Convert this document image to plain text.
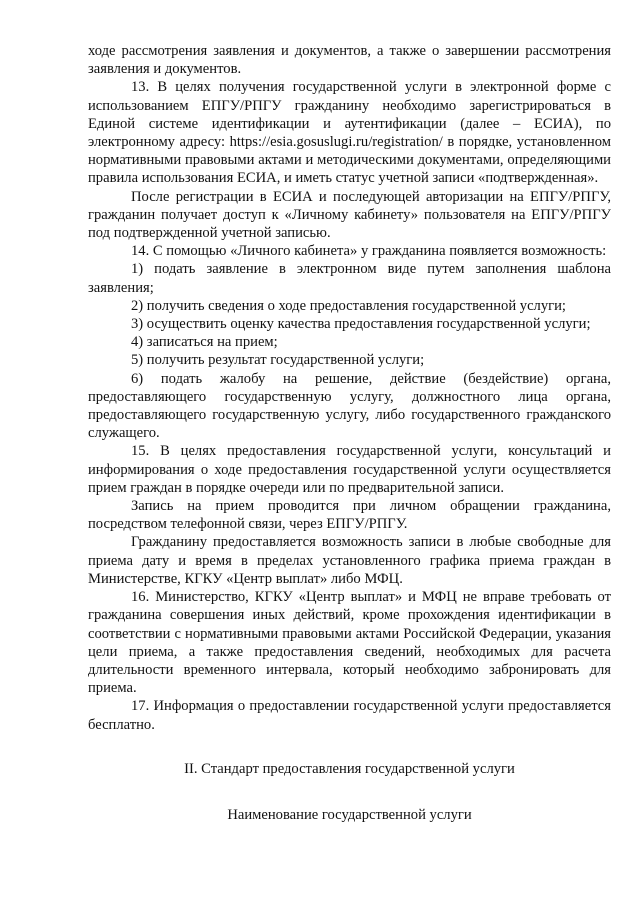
ходе рассмотрения заявления и документов, а также о завершении рассмотрения заявления и документов.

13. В целях получения государственной услуги в электронной форме с использованием ЕПГУ/РПГУ гражданину необходимо зарегистрироваться в Единой системе идентификации и аутентификации (далее – ЕСИА), по электронному адресу: https://esia.gosuslugi.ru/registration/ в порядке, установленном нормативными правовыми актами и методическими документами, определяющими правила использования ЕСИА, и иметь статус учетной записи «подтвержденная».

После регистрации в ЕСИА и последующей авторизации на ЕПГУ/РПГУ, гражданин получает доступ к «Личному кабинету» пользователя на ЕПГУ/РПГУ под подтвержденной учетной записью.

14. С помощью «Личного кабинета» у гражданина появляется возможность:

1) подать заявление в электронном виде путем заполнения шаблона заявления;

2) получить сведения о ходе предоставления государственной услуги;

3) осуществить оценку качества предоставления государственной услуги;

4) записаться на прием;

5) получить результат государственной услуги;

6) подать жалобу на решение, действие (бездействие) органа, предоставляющего государственную услугу, должностного лица органа, предоставляющего государственную услугу, либо государственного гражданского служащего.

15. В целях предоставления государственной услуги, консультаций и информирования о ходе предоставления государственной услуги осуществляется прием граждан в порядке очереди или по предварительной записи.

Запись на прием проводится при личном обращении гражданина, посредством телефонной связи, через ЕПГУ/РПГУ.

Гражданину предоставляется возможность записи в любые свободные для приема дату и время в пределах установленного графика приема граждан в Министерстве, КГКУ «Центр выплат» либо МФЦ.

16. Министерство, КГКУ «Центр выплат» и МФЦ не вправе требовать от гражданина совершения иных действий, кроме прохождения идентификации в соответствии с нормативными правовыми актами Российской Федерации, указания цели приема, а также предоставления сведений, необходимых для расчета длительности временного интервала, который необходимо забронировать для приема.

17. Информация о предоставлении государственной услуги предоставляется бесплатно.

II. Стандарт предоставления государственной услуги

Наименование государственной услуги
